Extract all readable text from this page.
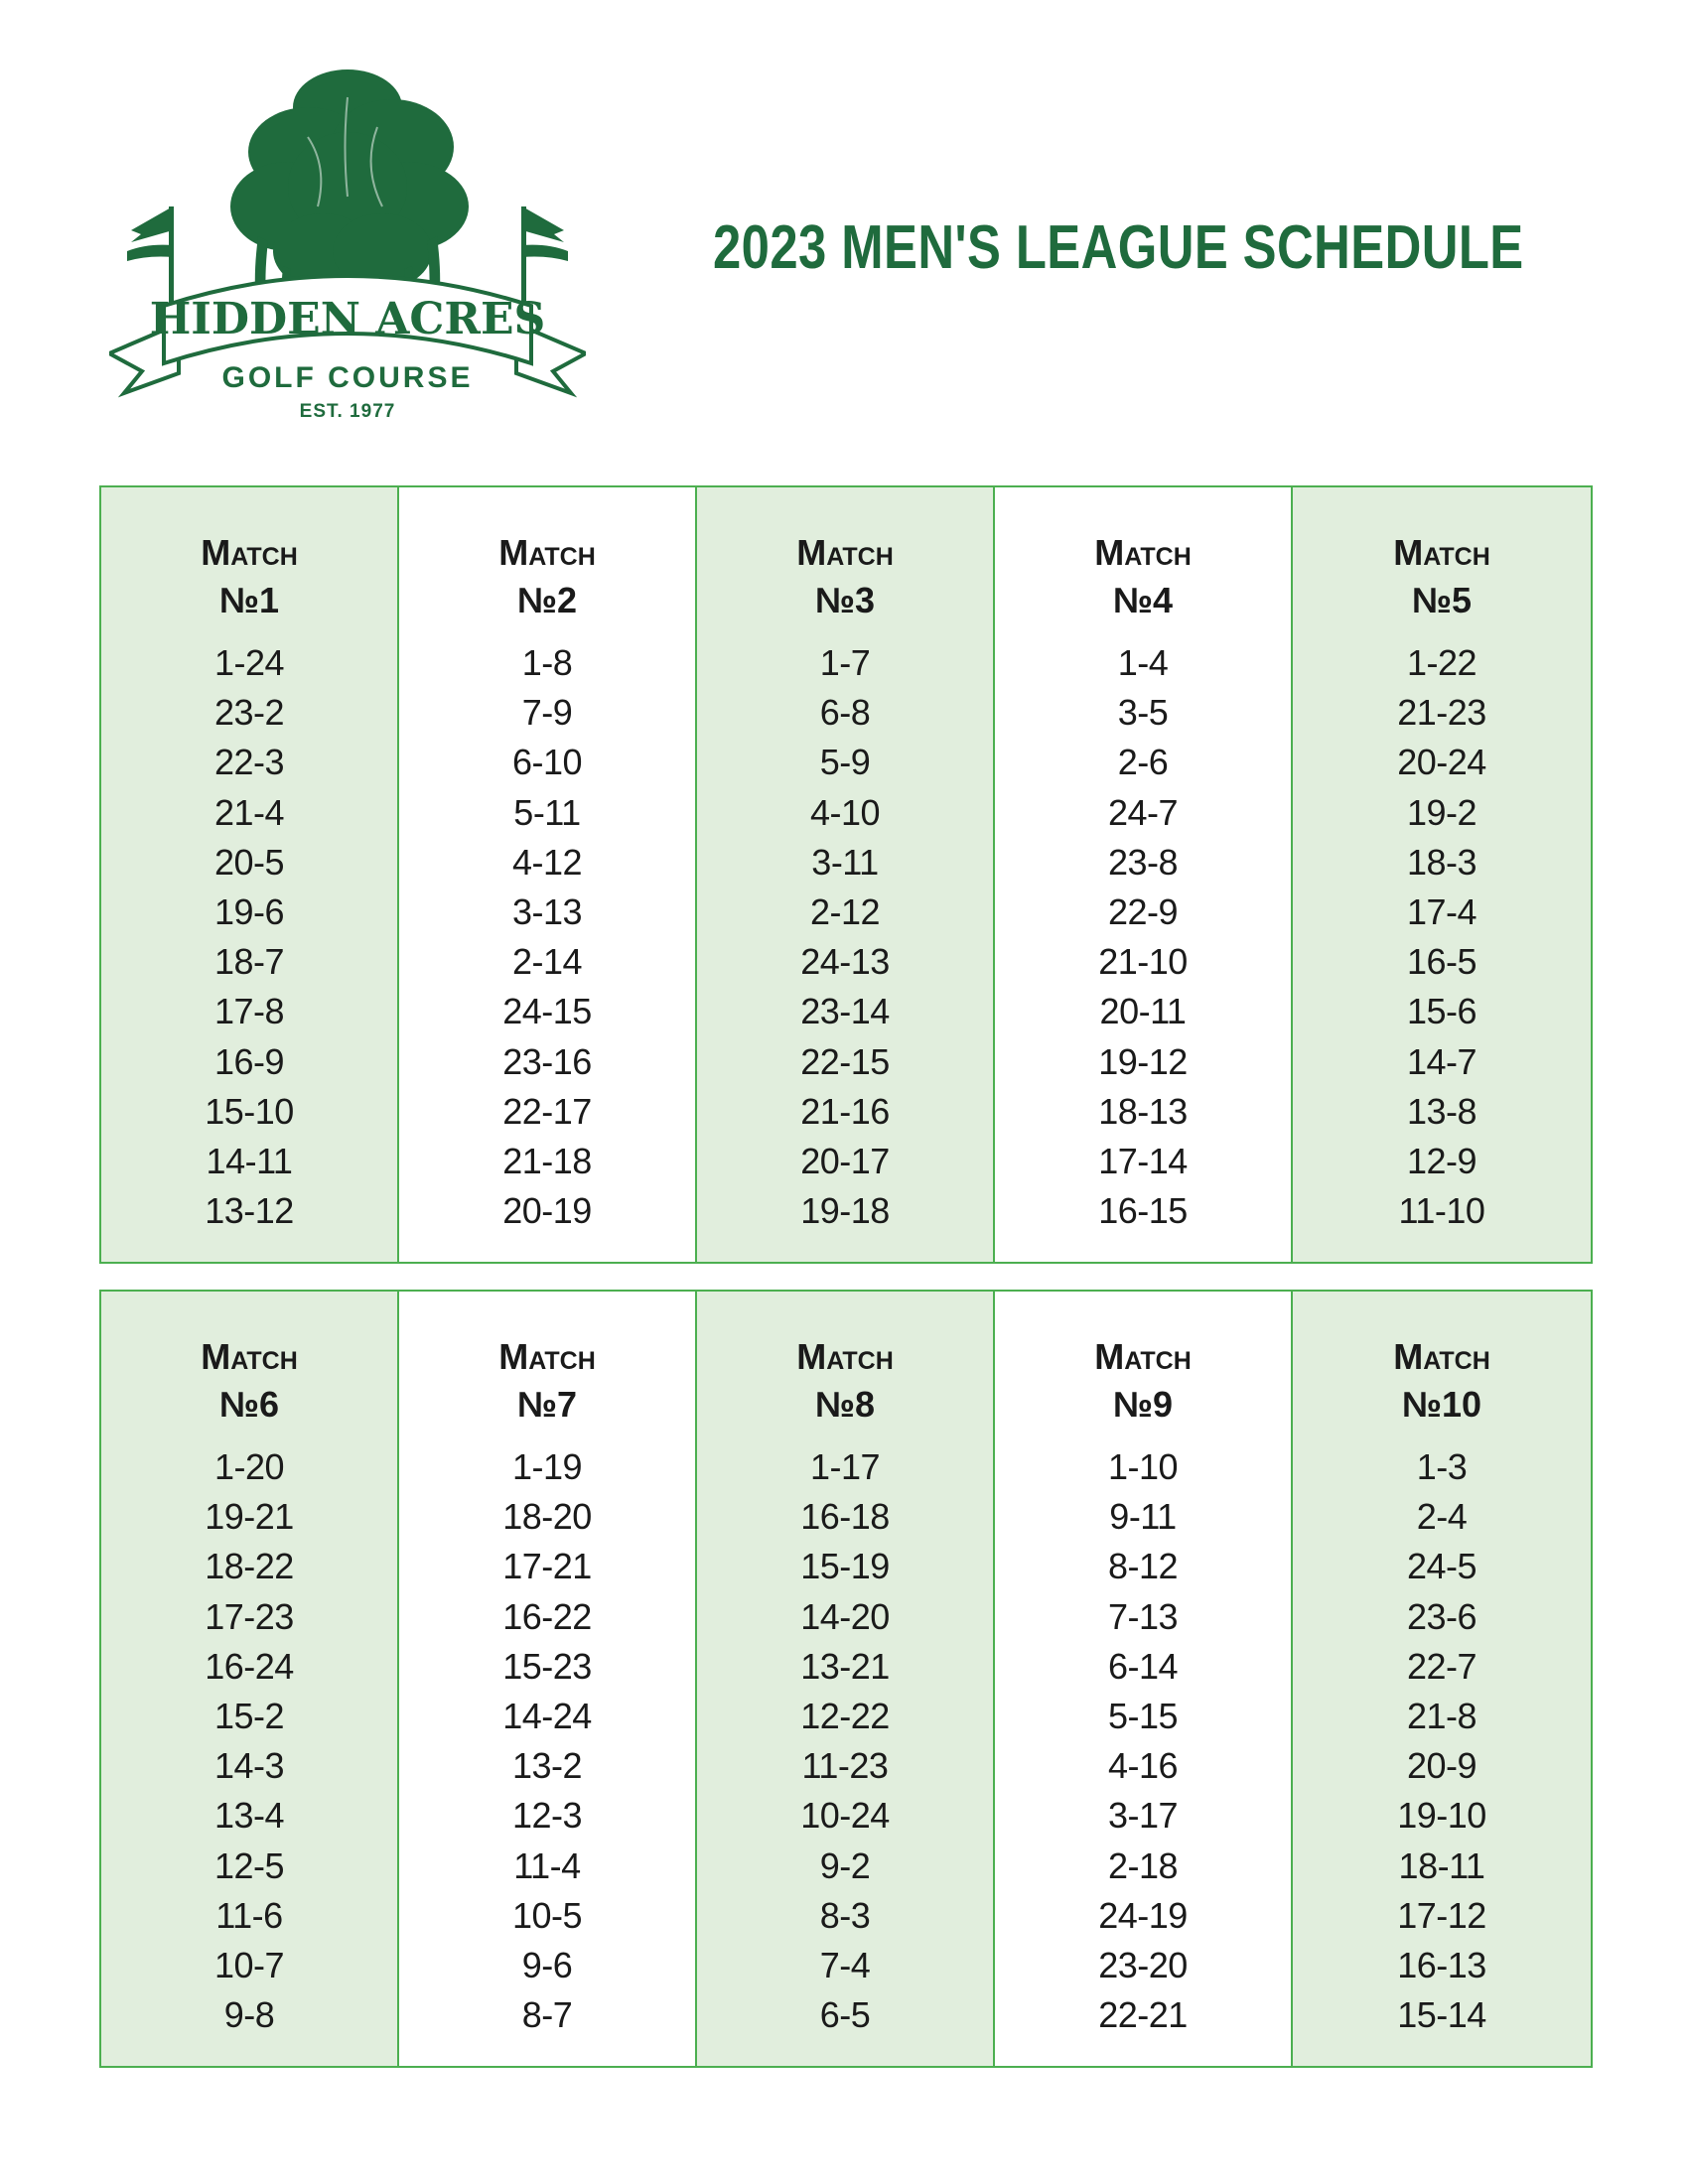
HIDDEN ACRES
GOLF COURSE
EST. 1977
2023 MEN'S LEAGUE SCHEDULE
Match
№1
1-24
23-2
22-3
21-4
20-5
19-6
18-7
17-8
16-9
15-10
14-11
13-12
Match
№2
1-8
7-9
6-10
5-11
4-12
3-13
2-14
24-15
23-16
22-17
21-18
20-19
Match
№3
1-7
6-8
5-9
4-10
3-11
2-12
24-13
23-14
22-15
21-16
20-17
19-18
Match
№4
1-4
3-5
2-6
24-7
23-8
22-9
21-10
20-11
19-12
18-13
17-14
16-15
Match
№5
1-22
21-23
20-24
19-2
18-3
17-4
16-5
15-6
14-7
13-8
12-9
11-10
Match
№6
1-20
19-21
18-22
17-23
16-24
15-2
14-3
13-4
12-5
11-6
10-7
9-8
Match
№7
1-19
18-20
17-21
16-22
15-23
14-24
13-2
12-3
11-4
10-5
9-6
8-7
Match
№8
1-17
16-18
15-19
14-20
13-21
12-22
11-23
10-24
9-2
8-3
7-4
6-5
Match
№9
1-10
9-11
8-12
7-13
6-14
5-15
4-16
3-17
2-18
24-19
23-20
22-21
Match
№10
1-3
2-4
24-5
23-6
22-7
21-8
20-9
19-10
18-11
17-12
16-13
15-14
